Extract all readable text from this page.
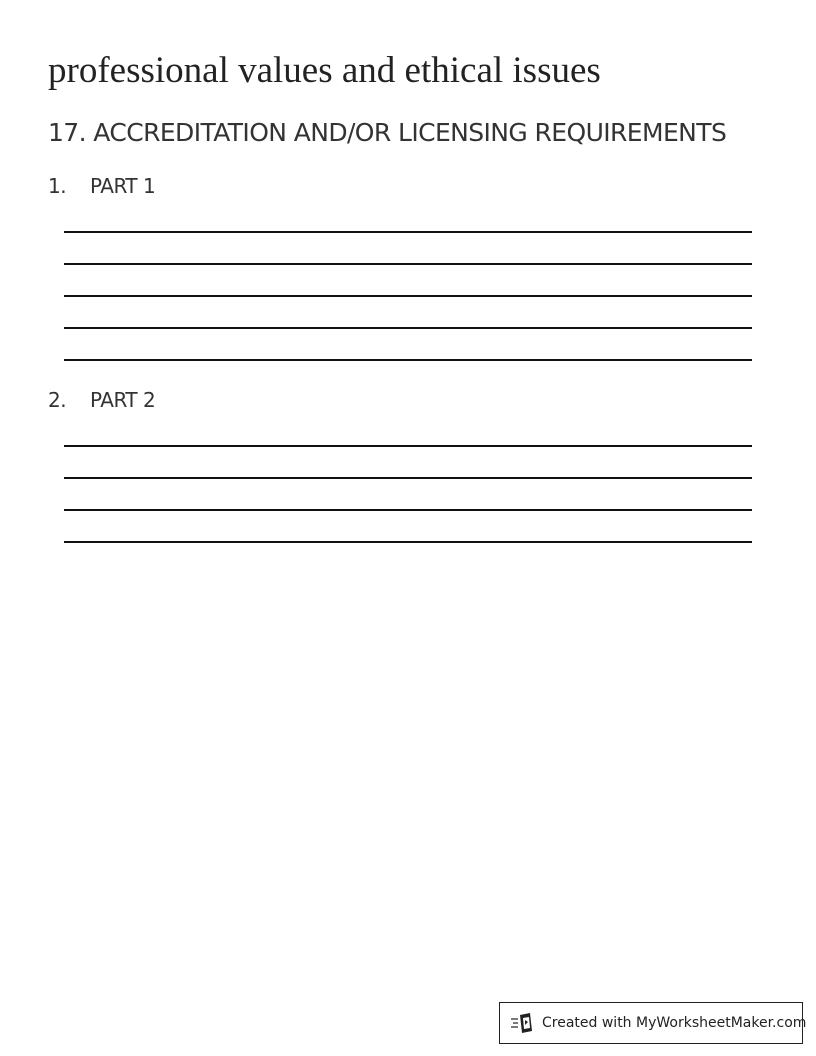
professional values and ethical issues
17. ACCREDITATION AND/OR LICENSING REQUIREMENTS
1. PART 1
2. PART 2
Created with MyWorksheetMaker.com
